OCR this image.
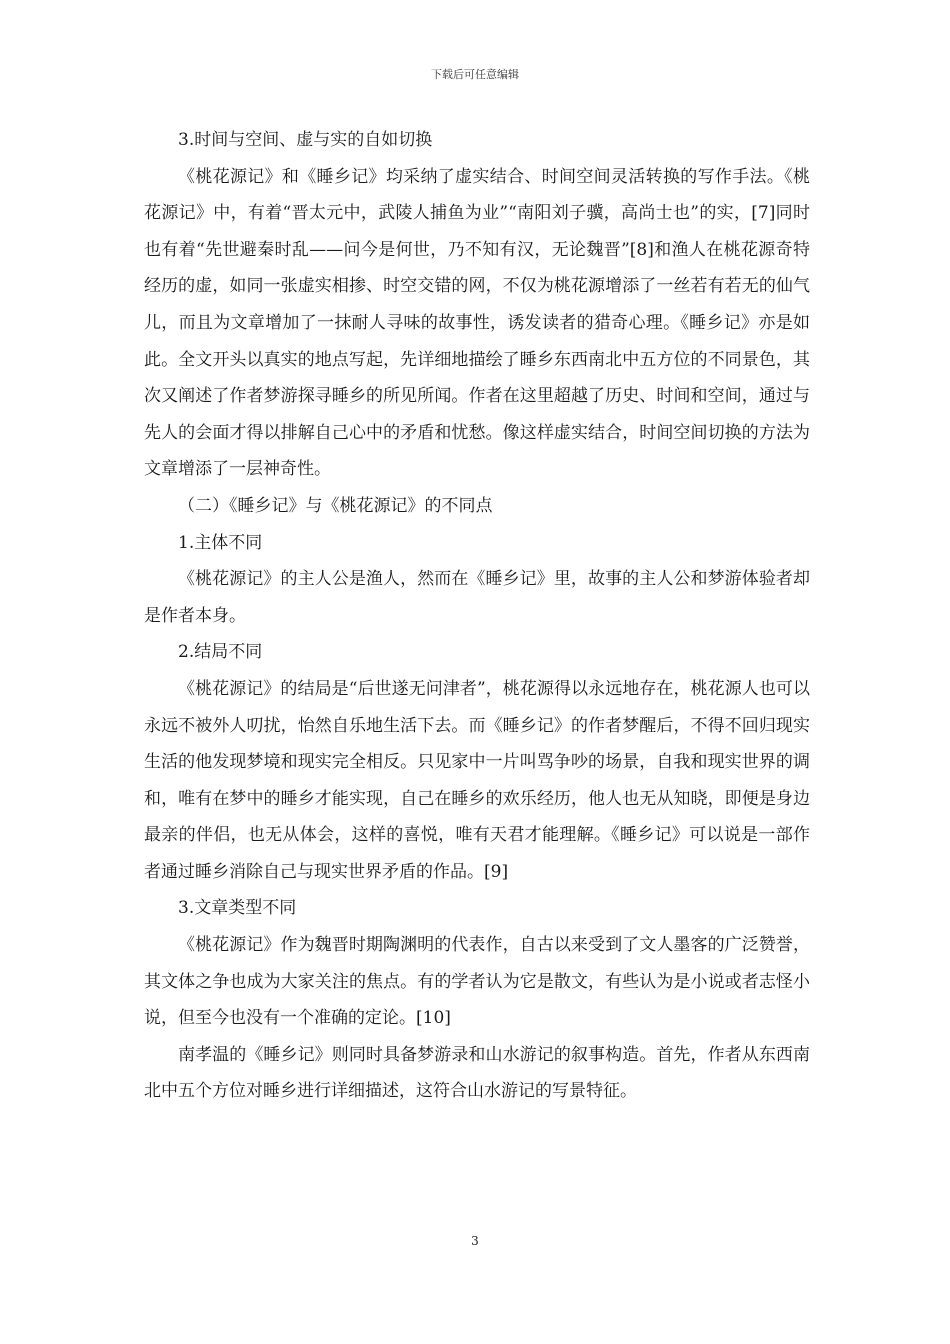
下载后可任意编辑

3.时间与空间、虚与实的自如切换

《桃花源记》和《睡乡记》均采纳了虚实结合、时间空间灵活转换的写作手法。《桃花源记》中，有着“晋太元中，武陵人捕鱼为业”“南阳刘子骥，高尚士也”的实，[7]同时也有着“先世避秦时乱——问今是何世，乃不知有汉，无论魏晋”[8]和渔人在桃花源奇特经历的虚，如同一张虚实相掺、时空交错的网，不仅为桃花源增添了一丝若有若无的仙气儿，而且为文章增加了一抹耐人寻味的故事性，诱发读者的猎奇心理。《睡乡记》亦是如此。全文开头以真实的地点写起，先详细地描绘了睡乡东西南北中五方位的不同景色，其次又阐述了作者梦游探寻睡乡的所见所闻。作者在这里超越了历史、时间和空间，通过与先人的会面才得以排解自己心中的矛盾和忧愁。像这样虚实结合，时间空间切换的方法为文章增添了一层神奇性。

（二）《睡乡记》与《桃花源记》的不同点

1.主体不同

《桃花源记》的主人公是渔人，然而在《睡乡记》里，故事的主人公和梦游体验者却是作者本身。

2.结局不同

《桃花源记》的结局是“后世遂无问津者”，桃花源得以永远地存在，桃花源人也可以永远不被外人叨扰，怡然自乐地生活下去。而《睡乡记》的作者梦醒后，不得不回归现实生活的他发现梦境和现实完全相反。只见家中一片叫骂争吵的场景，自我和现实世界的调和，唯有在梦中的睡乡才能实现，自己在睡乡的欢乐经历，他人也无从知晓，即便是身边最亲的伴侣，也无从体会，这样的喜悦，唯有天君才能理解。《睡乡记》可以说是一部作者通过睡乡消除自己与现实世界矛盾的作品。[9]

3.文章类型不同

《桃花源记》作为魏晋时期陶渊明的代表作，自古以来受到了文人墨客的广泛赞誉，其文体之争也成为大家关注的焦点。有的学者认为它是散文，有些认为是小说或者志怪小说，但至今也没有一个准确的定论。[10]

南孝温的《睡乡记》则同时具备梦游录和山水游记的叙事构造。首先，作者从东西南北中五个方位对睡乡进行详细描述，这符合山水游记的写景特征。

3
